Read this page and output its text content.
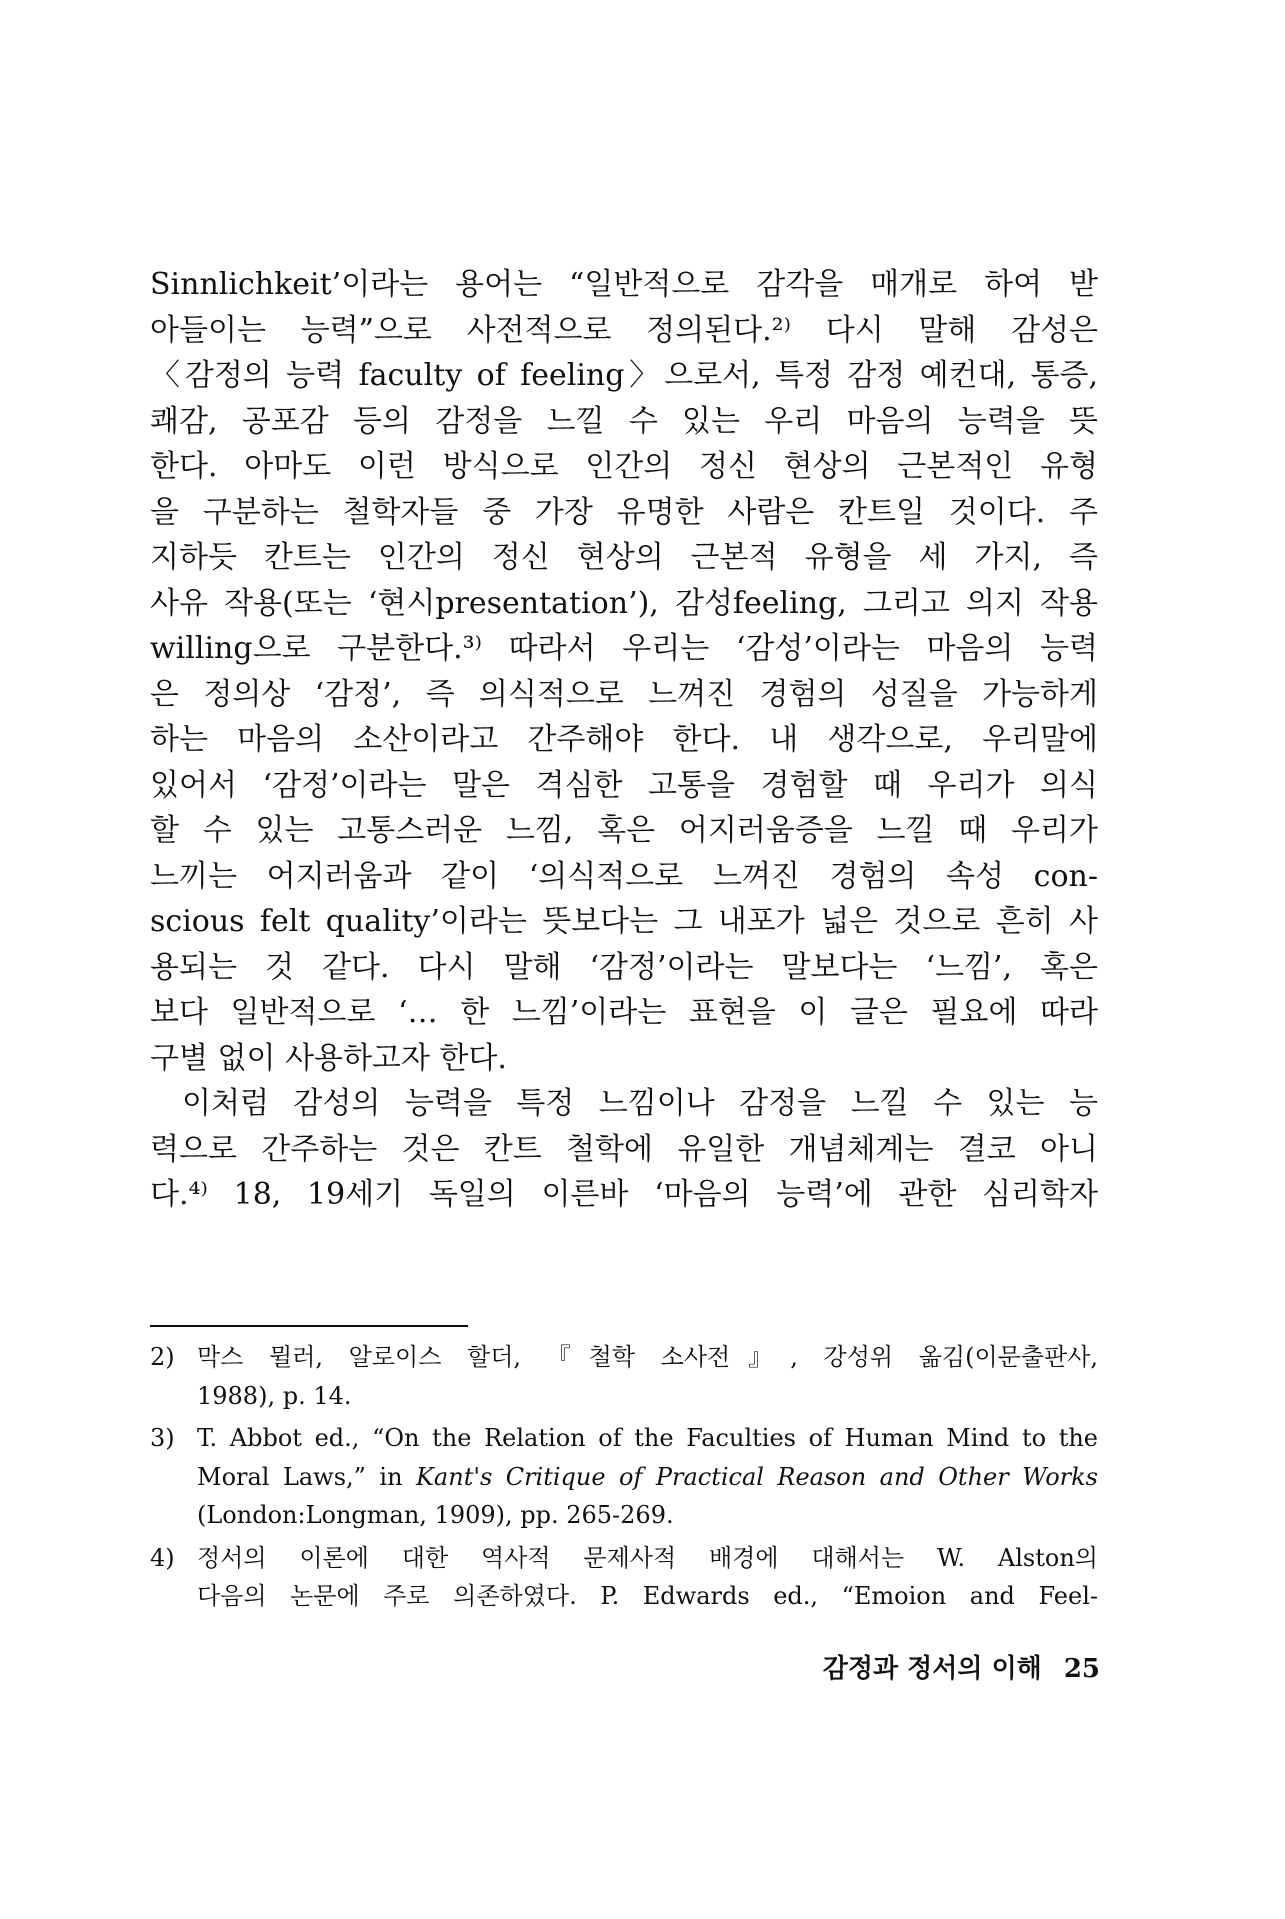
Sinnlichkeit’이라는 용어는 “일반적으로 감각을 매개로 하여 받
아들이는 능력”으로 사전적으로 정의된다.²⁾ 다시 말해 감성은
〈감정의 능력 faculty of feeling〉으로서, 특정 감정 예컨대, 통증,
쾌감, 공포감 등의 감정을 느낄 수 있는 우리 마음의 능력을 뜻
한다. 아마도 이런 방식으로 인간의 정신 현상의 근본적인 유형
을 구분하는 철학자들 중 가장 유명한 사람은 칸트일 것이다. 주
지하듯 칸트는 인간의 정신 현상의 근본적 유형을 세 가지, 즉
사유 작용(또는 ‘현시presentation’), 감성feeling, 그리고 의지 작용
willing으로 구분한다.³⁾ 따라서 우리는 ‘감성’이라는 마음의 능력
은 정의상 ‘감정’, 즉 의식적으로 느껴진 경험의 성질을 가능하게
하는 마음의 소산이라고 간주해야 한다. 내 생각으로, 우리말에
있어서 ‘감정’이라는 말은 격심한 고통을 경험할 때 우리가 의식
할 수 있는 고통스러운 느낌, 혹은 어지러움증을 느낄 때 우리가
느끼는 어지러움과 같이 ‘의식적으로 느껴진 경험의 속성 con-
scious felt quality’이라는 뜻보다는 그 내포가 넓은 것으로 흔히 사
용되는 것 같다. 다시 말해 ‘감정’이라는 말보다는 ‘느낌’, 혹은
보다 일반적으로 ‘… 한 느낌’이라는 표현을 이 글은 필요에 따라
구별 없이 사용하고자 한다.
이처럼 감성의 능력을 특정 느낌이나 감정을 느낄 수 있는 능
력으로 간주하는 것은 칸트 철학에 유일한 개념체계는 결코 아니
다.⁴⁾ 18, 19세기 독일의 이른바 ‘마음의 능력’에 관한 심리학자
2) 막스 뮐러, 알로이스 할더, 『철학 소사전』, 강성위 옮김(이문출판사,
1988), p. 14.
3) T. Abbot ed., “On the Relation of the Faculties of Human Mind to the
Moral Laws,” in Kant's Critique of Practical Reason and Other Works
(London:Longman, 1909), pp. 265-269.
4) 정서의 이론에 대한 역사적 문제사적 배경에 대해서는 W. Alston의
다음의 논문에 주로 의존하였다. P. Edwards ed., “Emoion and Feel-
감정과 정서의 이해 25
